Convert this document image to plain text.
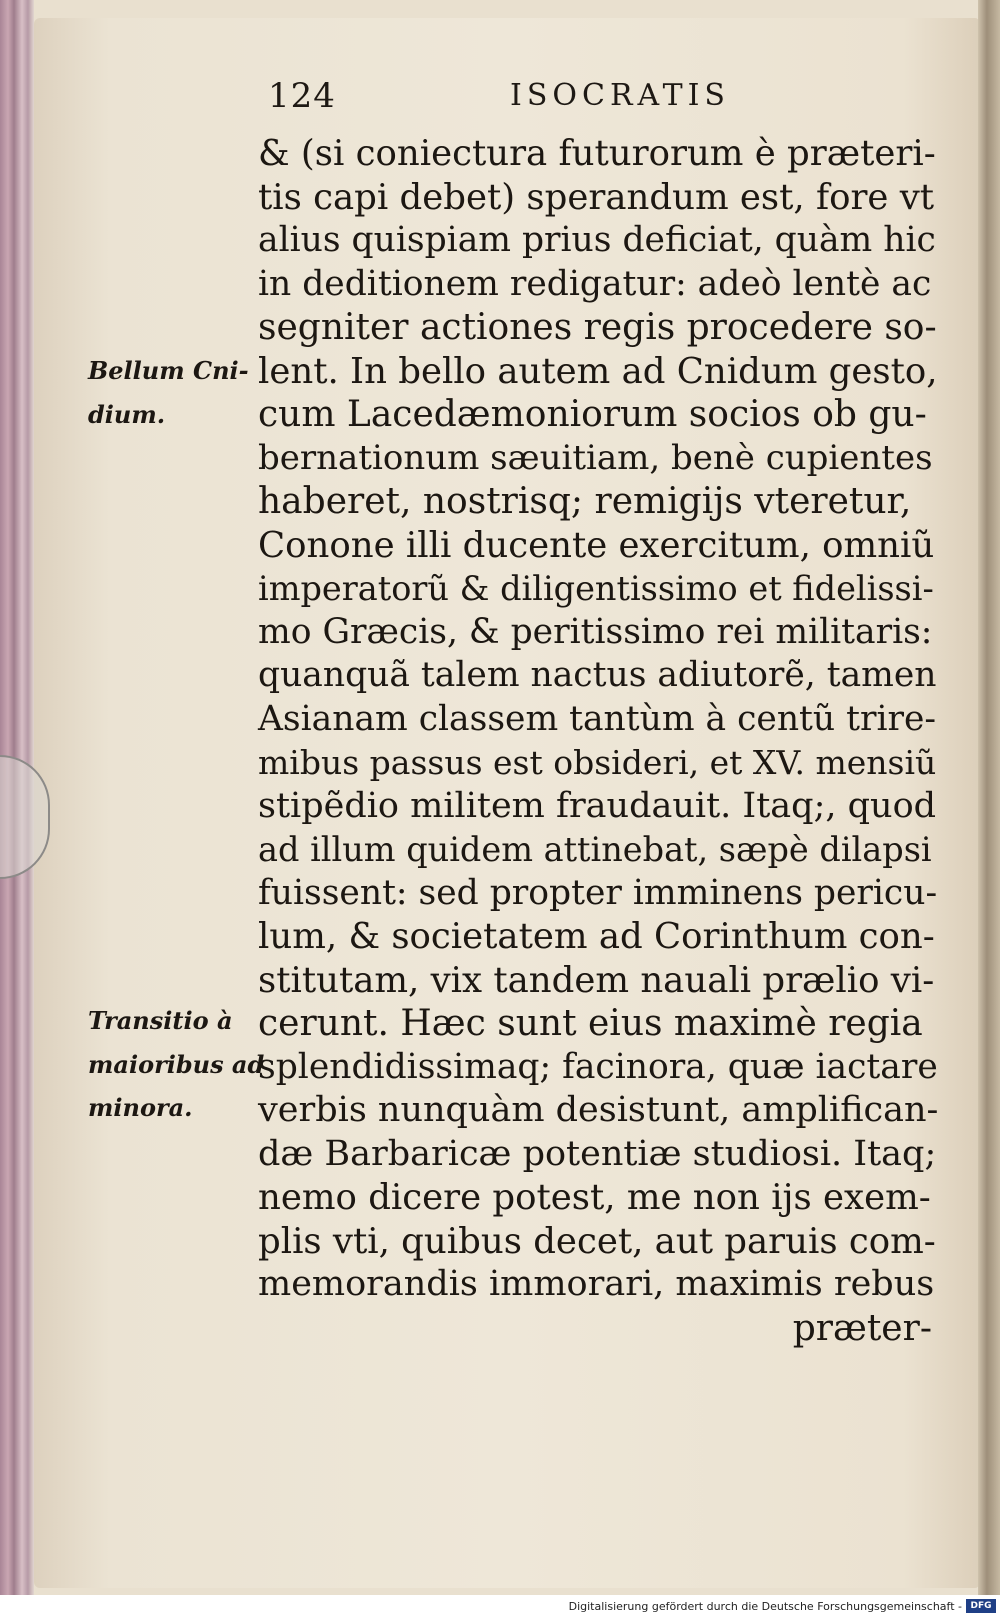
124	ISOCRATIS
& (si coniectura futurorum è præteri-
tis capi debet) sperandum est, fore vt
alius quispiam prius deficiat, quàm hic
in deditionem redigatur: adeò lentè ac
segniter actiones regis procedere so-
lent. In bello autem ad Cnidum gesto,
cum Lacedæmoniorum socios ob gu-
bernationum sæuitiam, benè cupientes
haberet, nostrisq; remigijs vteretur,
Conone illi ducente exercitum, omniũ
imperatorũ & diligentissimo et fidelissi-
mo Græcis, & peritissimo rei militaris:
quanquã talem nactus adiutorẽ, tamen
Asianam classem tantùm à centũ trire-
mibus passus est obsideri, et XV. mensiũ
stipẽdio militem fraudauit. Itaq;, quod
ad illum quidem attinebat, sæpè dilapsi
fuissent: sed propter imminens pericu-
lum, & societatem ad Corinthum con-
stitutam, vix tandem nauali prælio vi-
cerunt. Hæc sunt eius maximè regia
splendidissimaq; facinora, quæ iactare
verbis nunquàm desistunt, amplifican-
dæ Barbaricæ potentiæ studiosi. Itaq;
nemo dicere potest, me non ijs exem-
plis vti, quibus decet, aut paruis com-
memorandis immorari, maximis rebus
præter-
Bellum Cni-
dium.
Transitio à
maioribus ad
minora.
Digitalisierung gefördert durch die Deutsche Forschungsgemeinschaft - DFG
